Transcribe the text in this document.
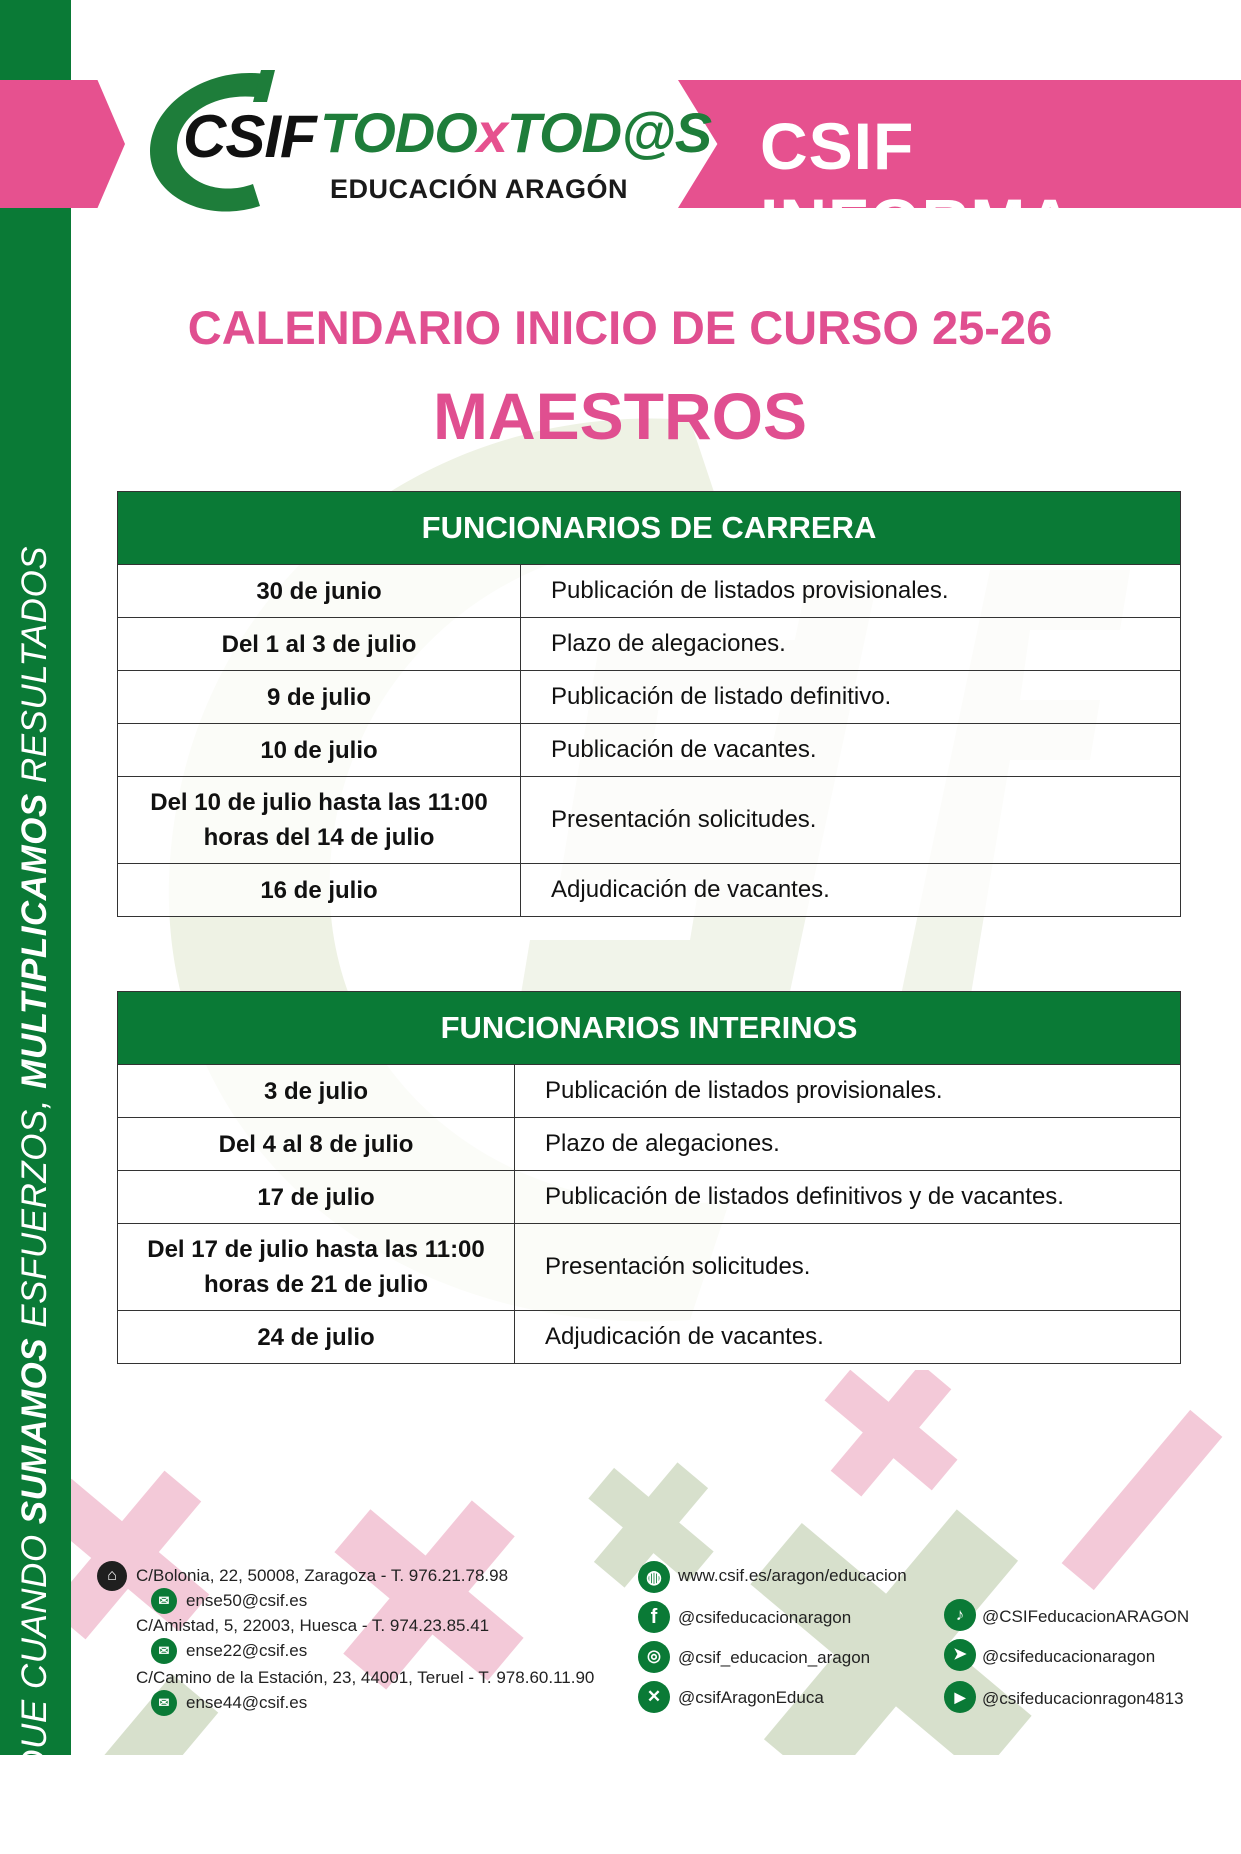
PORQUE CUANDO SUMAMOS ESFUERZOS, MULTIPLICAMOS RESULTADOS
CSIF INFORMA
CSIF TODOxTOD@S
EDUCACIÓN ARAGÓN
CALENDARIO INICIO DE CURSO 25-26
MAESTROS
FUNCIONARIOS DE CARRERA	
30 de junio	Publicación de listados provisionales.
Del 1 al 3 de julio	Plazo de alegaciones.
9 de julio	Publicación de listado definitivo.
10 de julio	Publicación de vacantes.
Del 10 de julio hasta las 11:00
horas del 14 de julio	Presentación solicitudes.
16 de julio	Adjudicación de vacantes.
FUNCIONARIOS INTERINOS	
3 de julio	Publicación de listados provisionales.
Del 4 al 8 de julio	Plazo de alegaciones.
17 de julio	Publicación de listados definitivos y de vacantes.
Del 17 de julio hasta las 11:00
horas de 21 de julio	Presentación solicitudes.
24 de julio	Adjudicación de vacantes.
⌂	C/Bolonia, 22, 50008, Zaragoza - T. 976.21.78.98
✉ ense50@csif.es
C/Amistad, 5, 22003, Huesca - T. 974.23.85.41
✉ ense22@csif.es
C/Camino de la Estación, 23, 44001, Teruel - T. 978.60.11.90
✉ ense44@csif.es
◍ www.csif.es/aragon/educacion
f	@csifeducacionaragon
◎	@csif_educacion_aragon
✕ @csifAragonEduca
♪	@CSIFeducacionARAGON
➤ @csifeducacionaragon
▶ @csifeducacionragon4813
